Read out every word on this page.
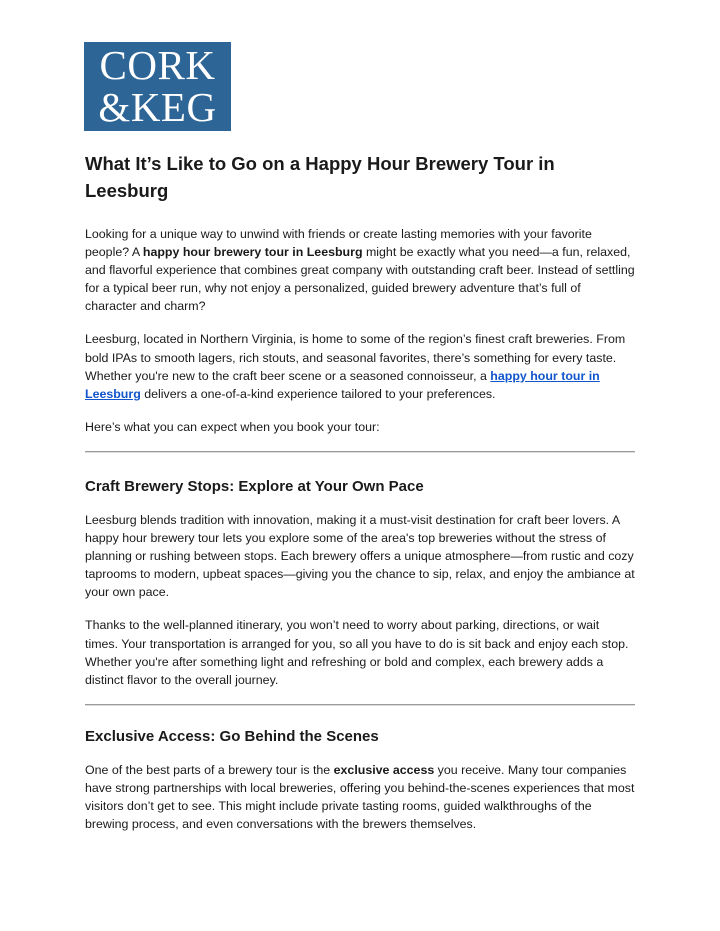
CORK
&KEG
What It’s Like to Go on a Happy Hour Brewery Tour in Leesburg

Looking for a unique way to unwind with friends or create lasting memories with your favorite people? A happy hour brewery tour in Leesburg might be exactly what you need—a fun, relaxed, and flavorful experience that combines great company with outstanding craft beer. Instead of settling for a typical beer run, why not enjoy a personalized, guided brewery adventure that’s full of character and charm?

Leesburg, located in Northern Virginia, is home to some of the region’s finest craft breweries. From bold IPAs to smooth lagers, rich stouts, and seasonal favorites, there’s something for every taste. Whether you're new to the craft beer scene or a seasoned connoisseur, a happy hour tour in Leesburg delivers a one-of-a-kind experience tailored to your preferences.

Here’s what you can expect when you book your tour:

Craft Brewery Stops: Explore at Your Own Pace

Leesburg blends tradition with innovation, making it a must-visit destination for craft beer lovers. A happy hour brewery tour lets you explore some of the area's top breweries without the stress of planning or rushing between stops. Each brewery offers a unique atmosphere—from rustic and cozy taprooms to modern, upbeat spaces—giving you the chance to sip, relax, and enjoy the ambiance at your own pace.

Thanks to the well-planned itinerary, you won’t need to worry about parking, directions, or wait times. Your transportation is arranged for you, so all you have to do is sit back and enjoy each stop. Whether you're after something light and refreshing or bold and complex, each brewery adds a distinct flavor to the overall journey.

Exclusive Access: Go Behind the Scenes

One of the best parts of a brewery tour is the exclusive access you receive. Many tour companies have strong partnerships with local breweries, offering you behind-the-scenes experiences that most visitors don’t get to see. This might include private tasting rooms, guided walkthroughs of the brewing process, and even conversations with the brewers themselves.
